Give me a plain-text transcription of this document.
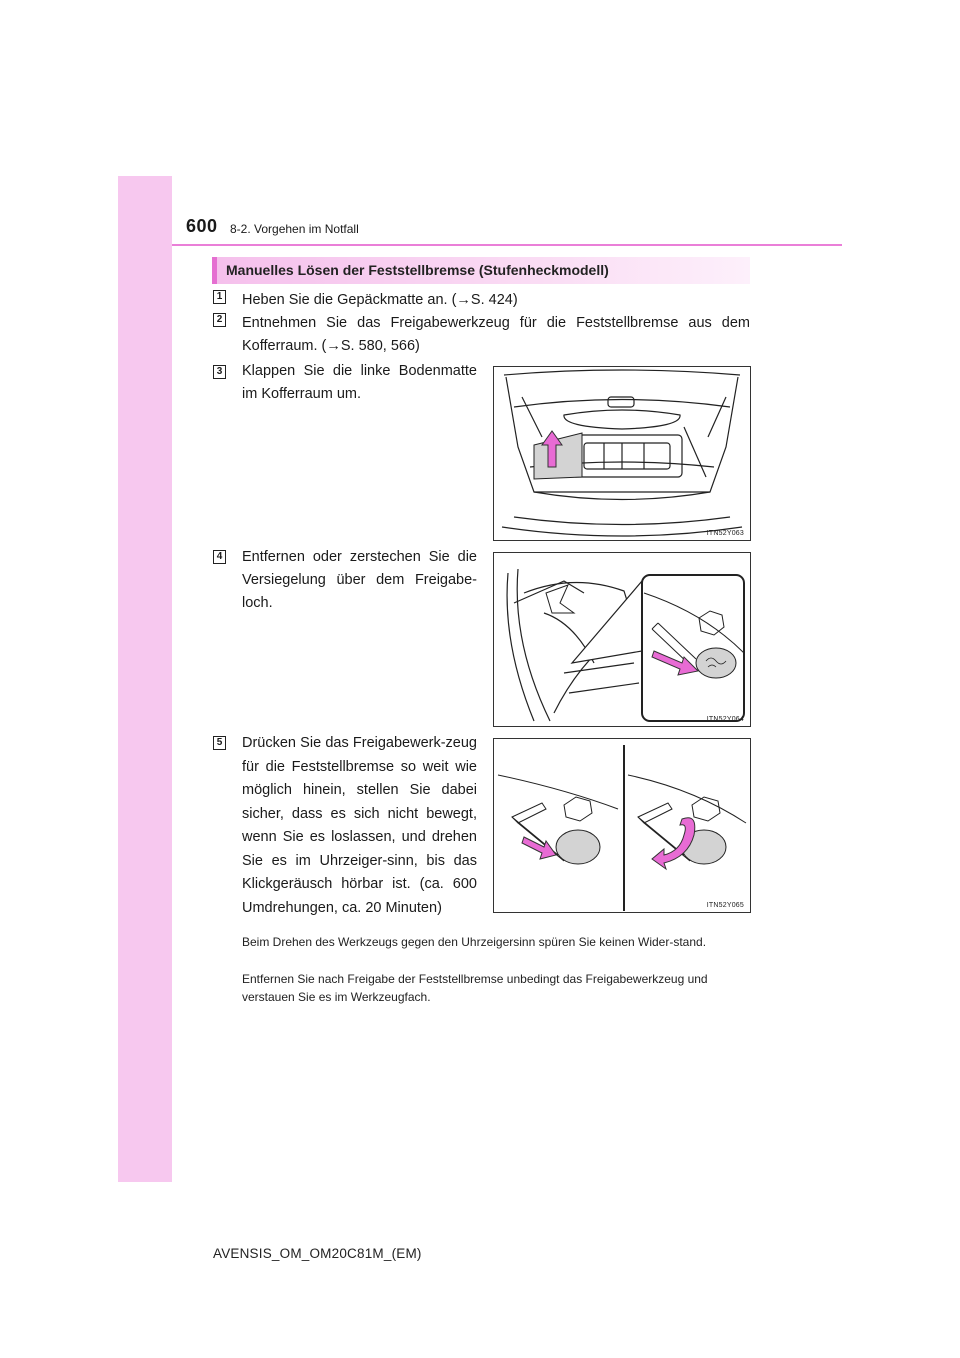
600 8-2. Vorgehen im Notfall
Manuelles Lösen der Feststellbremse (Stufenheckmodell)
1 Heben Sie die Gepäckmatte an. (→S. 424)
2 Entnehmen Sie das Freigabewerkzeug für die Feststellbremse aus dem Kofferraum. (→S. 580, 566)
3 Klappen Sie die linke Bodenmatte im Kofferraum um.
4 Entfernen oder zerstechen Sie die Versiegelung über dem Freigabe-loch.
5 Drücken Sie das Freigabewerk-zeug für die Feststellbremse so weit wie möglich hinein, stellen Sie dabei sicher, dass es sich nicht bewegt, wenn Sie es loslassen, und drehen Sie es im Uhrzeiger-sinn, bis das Klickgeräusch hörbar ist. (ca. 600 Umdrehungen, ca. 20 Minuten)
ITN52Y063
ITN52Y064
ITN52Y065
Beim Drehen des Werkzeugs gegen den Uhrzeigersinn spüren Sie keinen Wider-stand.
Entfernen Sie nach Freigabe der Feststellbremse unbedingt das Freigabewerkzeug und verstauen Sie es im Werkzeugfach.
AVENSIS_OM_OM20C81M_(EM)
